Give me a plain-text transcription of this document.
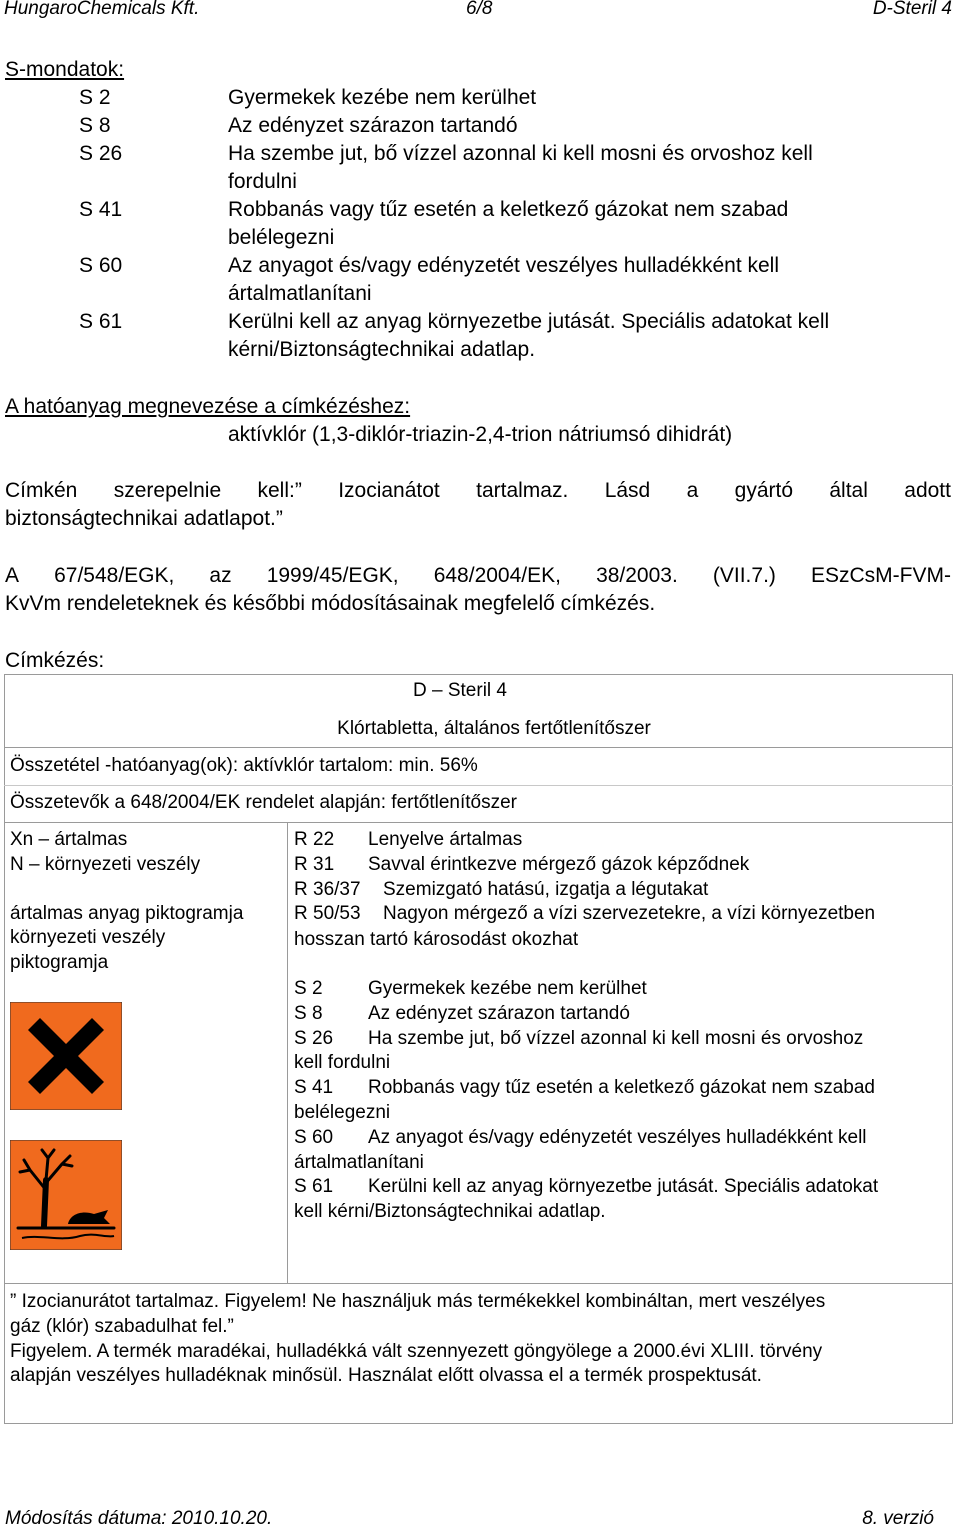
HungaroChemicals Kft.	6/8	D-Steril 4
S-mondatok:
S 2	Gyermekek kezébe nem kerülhet
S 8	Az edényzet szárazon tartandó
S 26	Ha szembe jut, bő vízzel azonnal ki kell mosni és orvoshoz kell
fordulni
S 41	Robbanás vagy tűz esetén a keletkező gázokat nem szabad
belélegezni
S 60	Az anyagot és/vagy edényzetét veszélyes hulladékként kell
ártalmatlanítani
S 61	Kerülni kell az anyag környezetbe jutását. Speciális adatokat kell
kérni/Biztonságtechnikai adatlap.
A hatóanyag megnevezése a címkézéshez:
aktívklór (1,3-diklór-triazin-2,4-trion nátriumsó dihidrát)
Címkén szerepelnie kell:” Izocianátot tartalmaz. Lásd a gyártó által adott
biztonságtechnikai adatlapot.”
A 67/548/EGK, az 1999/45/EGK, 648/2004/EK, 38/2003. (VII.7.) ESzCsM-FVM-
KvVm rendeleteknek és későbbi módosításainak megfelelő címkézés.
Címkézés:
D – Steril 4
Klórtabletta, általános fertőtlenítőszer
Összetétel -hatóanyag(ok): aktívklór tartalom: min. 56%
Összetevők a 648/2004/EK rendelet alapján: fertőtlenítőszer
Xn – ártalmas
N – környezeti veszély
ártalmas anyag piktogramja
környezeti veszély
piktogramja
R 22 Lenyelve ártalmas
R 31 Savval érintkezve mérgező gázok képződnek
R 36/37 Szemizgató hatású, izgatja a légutakat
R 50/53 Nagyon mérgező a vízi szervezetekre, a vízi környezetben
hosszan tartó károsodást okozhat
S 2 Gyermekek kezébe nem kerülhet
S 8 Az edényzet szárazon tartandó
S 26 Ha szembe jut, bő vízzel azonnal ki kell mosni és orvoshoz
kell fordulni
S 41 Robbanás vagy tűz esetén a keletkező gázokat nem szabad
belélegezni
S 60 Az anyagot és/vagy edényzetét veszélyes hulladékként kell
ártalmatlanítani
S 61 Kerülni kell az anyag környezetbe jutását. Speciális adatokat
kell kérni/Biztonságtechnikai adatlap.
” Izocianurátot tartalmaz. Figyelem! Ne használjuk más termékekkel kombináltan, mert veszélyes
gáz (klór) szabadulhat fel.”
Figyelem. A termék maradékai, hulladékká vált szennyezett göngyölege a 2000.évi XLIII. törvény
alapján veszélyes hulladéknak minősül. Használat előtt olvassa el a termék prospektusát.
Módosítás dátuma: 2010.10.20.	8. verzió
